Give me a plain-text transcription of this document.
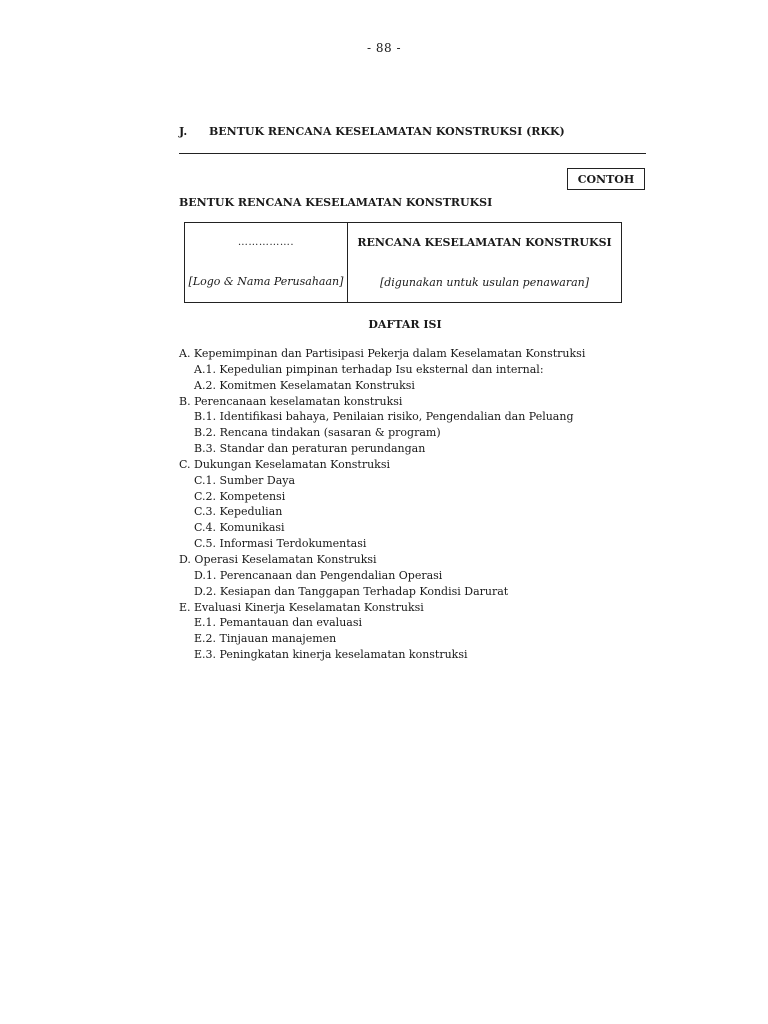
- 88 -
J. BENTUK RENCANA KESELAMATAN KONSTRUKSI (RKK)
CONTOH
BENTUK RENCANA KESELAMATAN KONSTRUKSI
…………….
[Logo & Nama Perusahaan]
RENCANA KESELAMATAN KONSTRUKSI
[digunakan untuk usulan penawaran]
DAFTAR ISI
A. Kepemimpinan dan Partisipasi Pekerja dalam Keselamatan Konstruksi
A.1. Kepedulian pimpinan terhadap Isu eksternal dan internal:
A.2. Komitmen Keselamatan Konstruksi
B. Perencanaan keselamatan konstruksi
B.1. Identifikasi bahaya, Penilaian risiko, Pengendalian dan Peluang
B.2. Rencana tindakan (sasaran & program)
B.3. Standar dan peraturan perundangan
C. Dukungan Keselamatan Konstruksi
C.1. Sumber Daya
C.2. Kompetensi
C.3. Kepedulian
C.4. Komunikasi
C.5. Informasi Terdokumentasi
D. Operasi Keselamatan Konstruksi
D.1. Perencanaan dan Pengendalian Operasi
D.2. Kesiapan dan Tanggapan Terhadap Kondisi Darurat
E. Evaluasi Kinerja Keselamatan Konstruksi
E.1. Pemantauan dan evaluasi
E.2. Tinjauan manajemen
E.3. Peningkatan kinerja keselamatan konstruksi
